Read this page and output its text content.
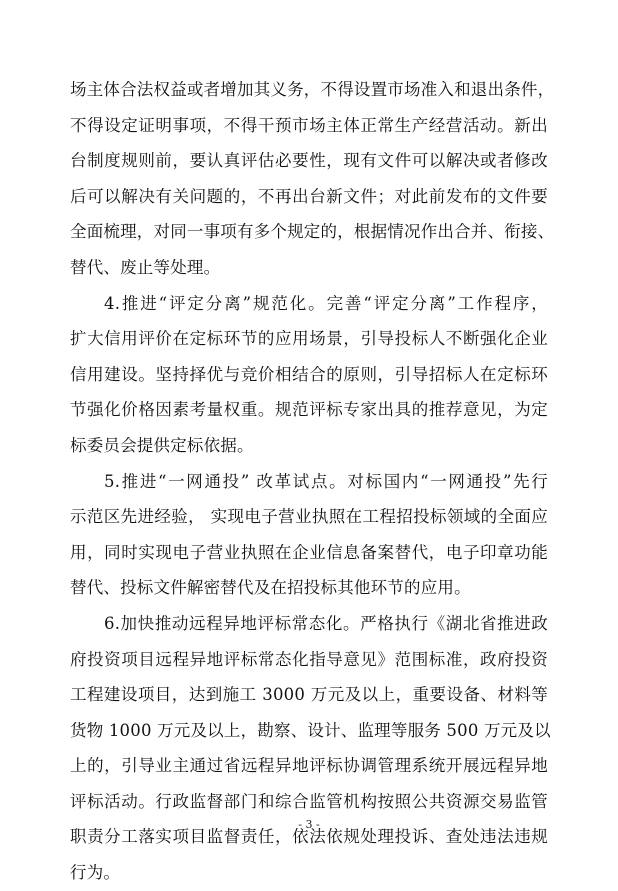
场主体合法权益或者增加其义务，不得设置市场准入和退出条件，
不得设定证明事项，不得干预市场主体正常生产经营活动。新出
台制度规则前，要认真评估必要性，现有文件可以解决或者修改
后可以解决有关问题的，不再出台新文件；对此前发布的文件要
全面梳理，对同一事项有多个规定的，根据情况作出合并、衔接、
替代、废止等处理。
4.推进“评定分离”规范化。完善“评定分离”工作程序，
扩大信用评价在定标环节的应用场景，引导投标人不断强化企业
信用建设。坚持择优与竞价相结合的原则，引导招标人在定标环
节强化价格因素考量权重。规范评标专家出具的推荐意见，为定
标委员会提供定标依据。
5.推进“一网通投” 改革试点。对标国内“一网通投”先行
示范区先进经验， 实现电子营业执照在工程招投标领域的全面应
用，同时实现电子营业执照在企业信息备案替代，电子印章功能
替代、投标文件解密替代及在招投标其他环节的应用。
6.加快推动远程异地评标常态化。严格执行《湖北省推进政
府投资项目远程异地评标常态化指导意见》范围标准，政府投资
工程建设项目，达到施工 3000 万元及以上，重要设备、材料等
货物 1000 万元及以上，勘察、设计、监理等服务 500 万元及以
上的，引导业主通过省远程异地评标协调管理系统开展远程异地
评标活动。行政监督部门和综合监管机构按照公共资源交易监管
职责分工落实项目监督责任，依法依规处理投诉、查处违法违规
行为。
- 3 -
